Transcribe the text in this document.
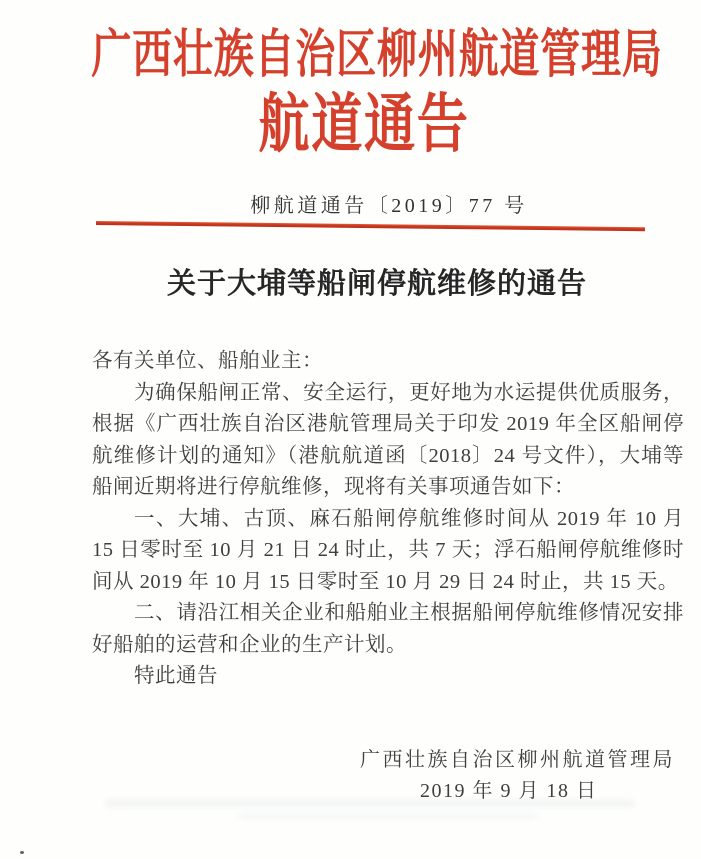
广西壮族自治区柳州航道管理局
航道通告
柳航道通告〔2019〕77 号
关于大埔等船闸停航维修的通告
各有关单位、船舶业主：
为确保船闸正常、安全运行，更好地为水运提供优质服务，
根据《广西壮族自治区港航管理局关于印发 2019 年全区船闸停
航维修计划的通知》（港航航道函〔2018〕24 号文件），大埔等
船闸近期将进行停航维修，现将有关事项通告如下：
一、大埔、古顶、麻石船闸停航维修时间从 2019 年 10 月
15 日零时至 10 月 21 日 24 时止，共 7 天；浮石船闸停航维修时
间从 2019 年 10 月 15 日零时至 10 月 29 日 24 时止，共 15 天。
二、请沿江相关企业和船舶业主根据船闸停航维修情况安排
好船舶的运营和企业的生产计划。
特此通告
广西壮族自治区柳州航道管理局
2019 年 9 月 18 日
